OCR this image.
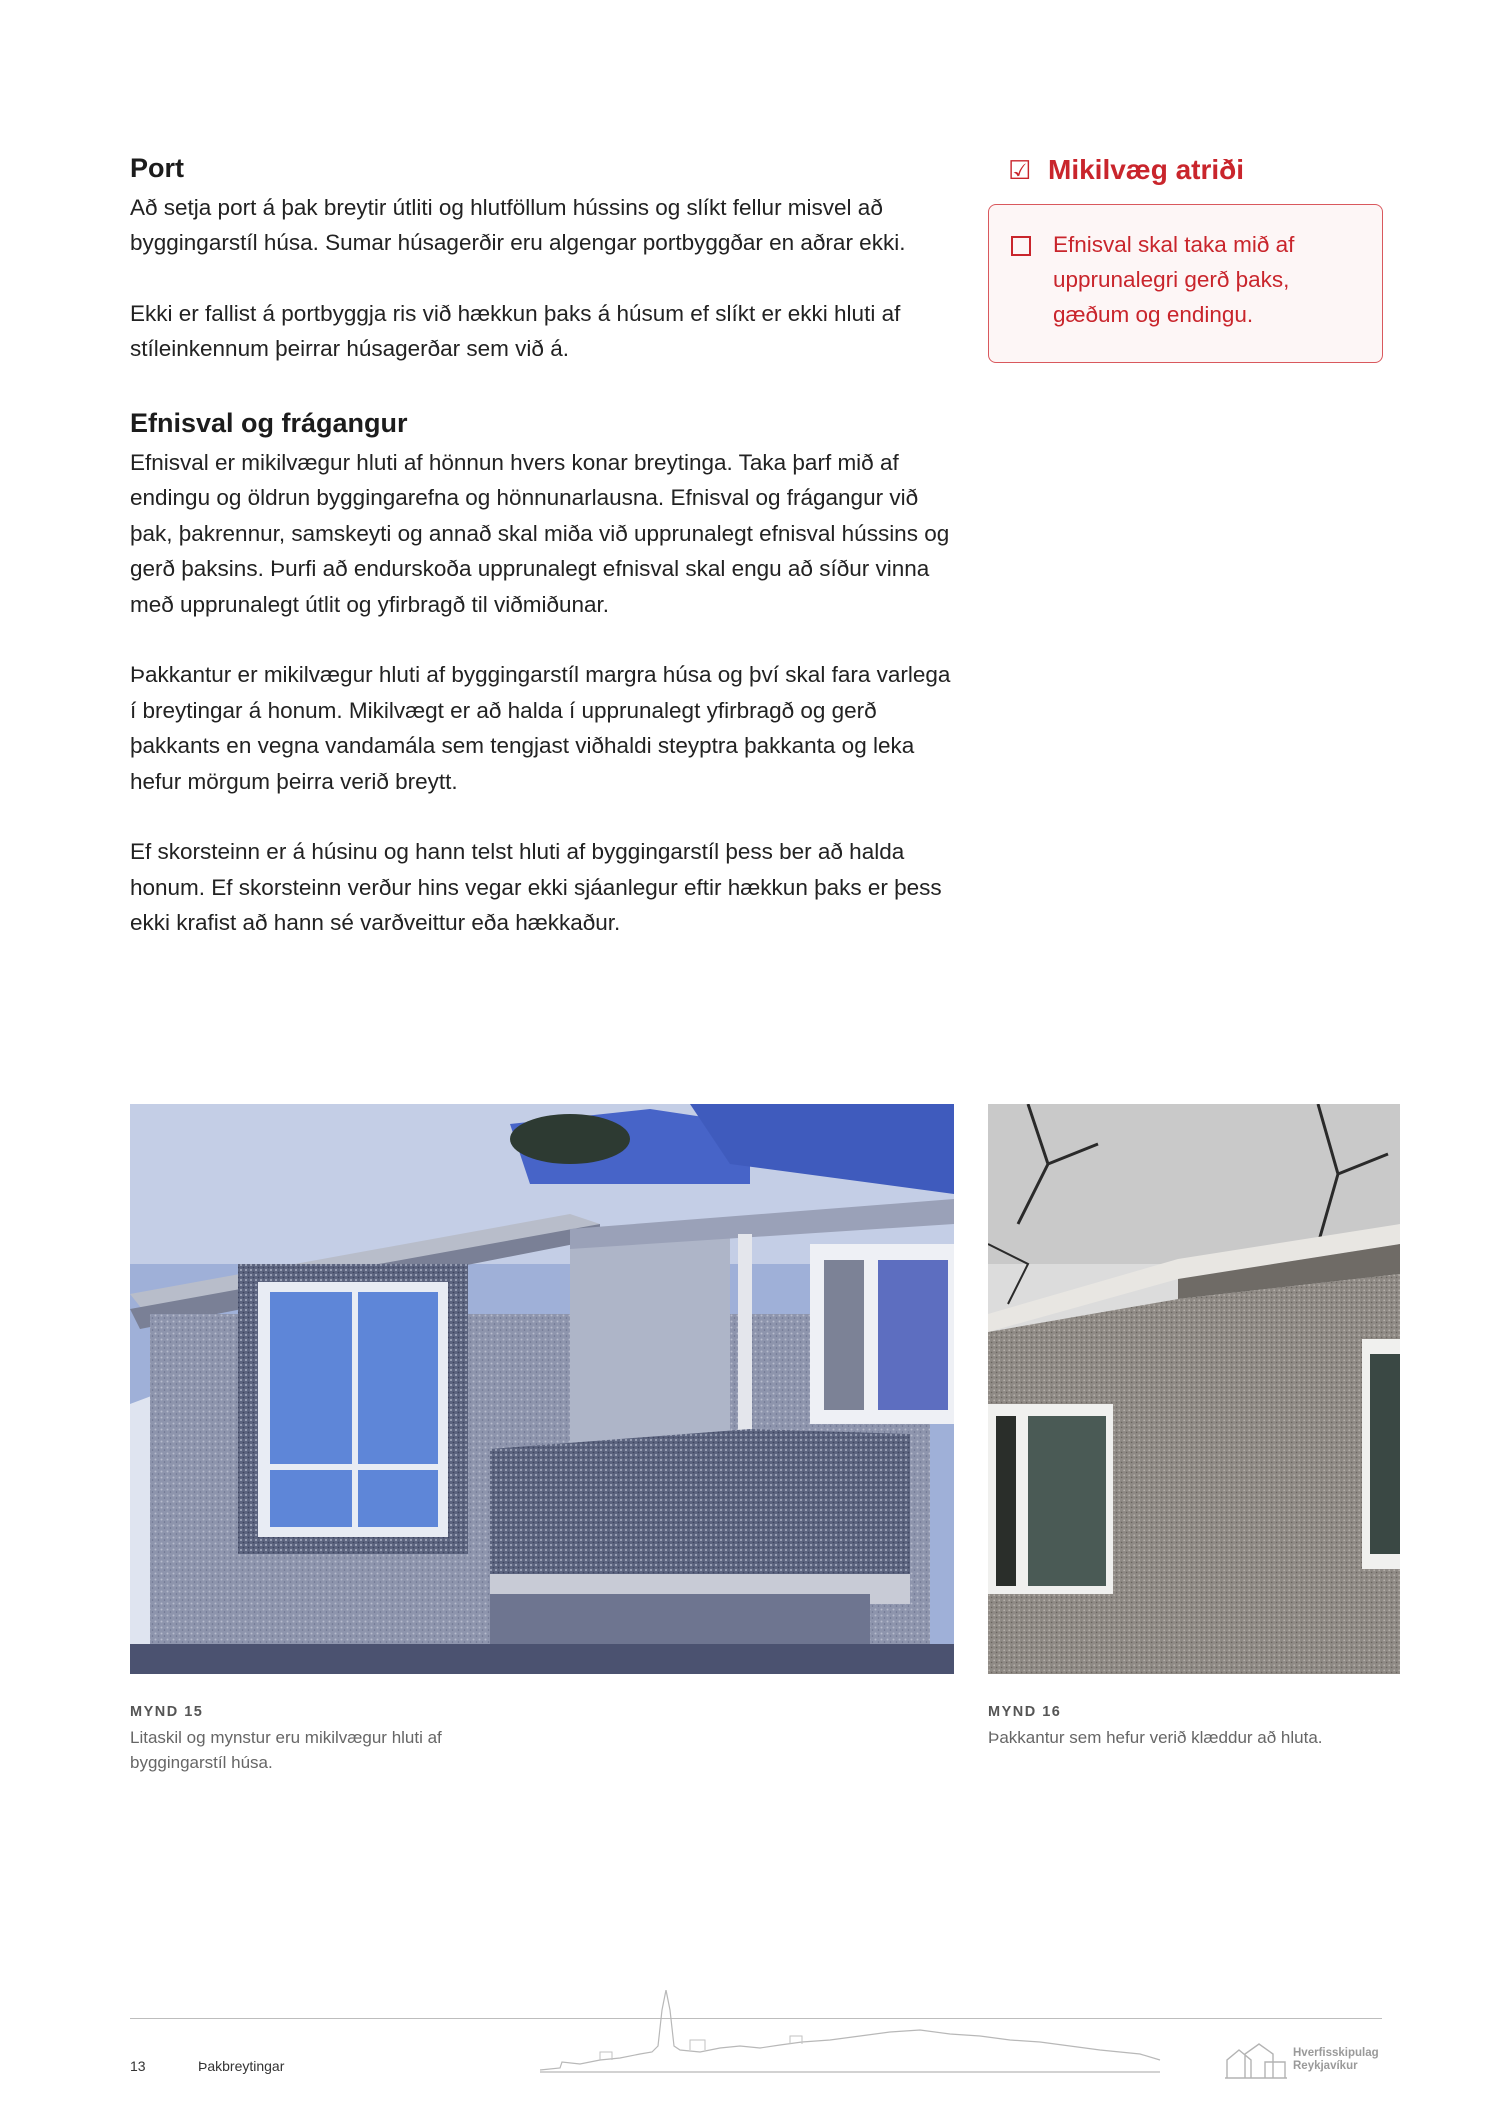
Port

Að setja port á þak breytir útliti og hlutföllum hússins og slíkt fellur misvel að byggingarstíl húsa. Sumar húsagerðir eru algengar portbyggðar en aðrar ekki.

Ekki er fallist á portbyggja ris við hækkun þaks á húsum ef slíkt er ekki hluti af stíleinkennum þeirrar húsagerðar sem við á.

Efnisval og frágangur

Efnisval er mikilvægur hluti af hönnun hvers konar breytinga. Taka þarf mið af endingu og öldrun byggingarefna og hönnunarlausna. Efnisval og frágangur við þak, þakrennur, samskeyti og annað skal miða við upprunalegt efnisval hússins og gerð þaksins. Þurfi að endurskoða upprunalegt efnisval skal engu að síður vinna með upprunalegt útlit og yfirbragð til viðmiðunar.

Þakkantur er mikilvægur hluti af byggingarstíl margra húsa og því skal fara varlega í breytingar á honum. Mikilvægt er að halda í upprunalegt yfirbragð og gerð þakkants en vegna vandamála sem tengjast viðhaldi steyptra þakkanta og leka hefur mörgum þeirra verið breytt.

Ef skorsteinn er á húsinu og hann telst hluti af byggingarstíl þess ber að halda honum. Ef skorsteinn verður hins vegar ekki sjáanlegur eftir hækkun þaks er þess ekki krafist að hann sé varðveittur eða hækkaður.

☑ Mikilvæg atriði

Efnisval skal taka mið af upprunalegri gerð þaks, gæðum og endingu.

MYND 15
Litaskil og mynstur eru mikilvægur hluti af byggingarstíl húsa.
MYND 16
Þakkantur sem hefur verið klæddur að hluta.
13	Þakbreytingar
Hverfisskipulag
Reykjavíkur
